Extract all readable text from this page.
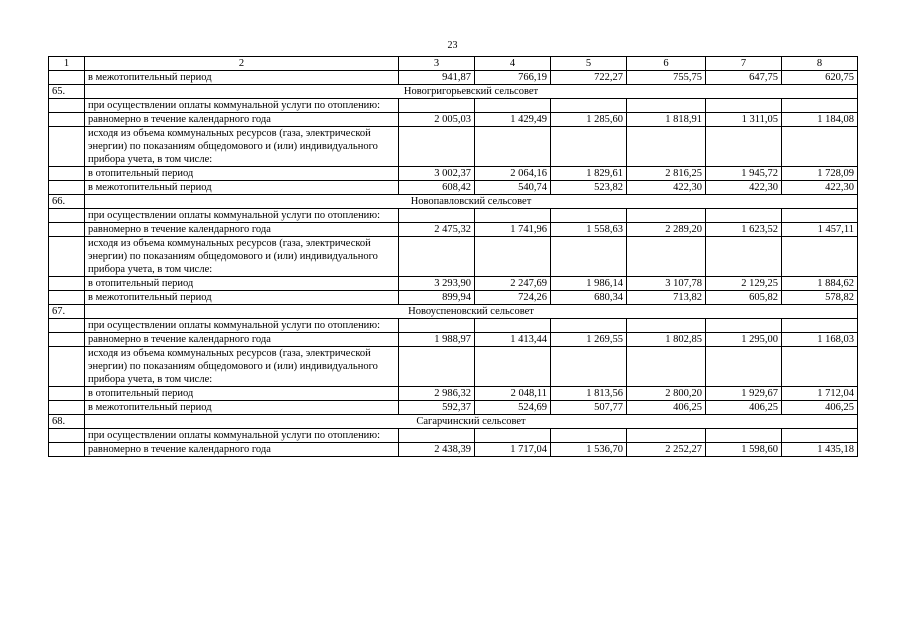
23
1	2	3	4	5	6	7	8
	в межотопительный период	941,87	766,19	722,27	755,75	647,75	620,75
65.	Новогригорьевский сельсовет						
	при осуществлении оплаты коммунальной услуги по отоплению:						
	равномерно в течение календарного года	2 005,03	1 429,49	1 285,60	1 818,91	1 311,05	1 184,08
	исходя из объема коммунальных ресурсов (газа, электрической энергии) по показаниям общедомового и (или) индивидуального прибора учета, в том числе:						
	в отопительный период	3 002,37	2 064,16	1 829,61	2 816,25	1 945,72	1 728,09
	в межотопительный период	608,42	540,74	523,82	422,30	422,30	422,30
66.	Новопавловский сельсовет						
	при осуществлении оплаты коммунальной услуги по отоплению:						
	равномерно в течение календарного года	2 475,32	1 741,96	1 558,63	2 289,20	1 623,52	1 457,11
	исходя из объема коммунальных ресурсов (газа, электрической энергии) по показаниям общедомового и (или) индивидуального прибора учета, в том числе:						
	в отопительный период	3 293,90	2 247,69	1 986,14	3 107,78	2 129,25	1 884,62
	в межотопительный период	899,94	724,26	680,34	713,82	605,82	578,82
67.	Новоуспеновский сельсовет						
	при осуществлении оплаты коммунальной услуги по отоплению:						
	равномерно в течение календарного года	1 988,97	1 413,44	1 269,55	1 802,85	1 295,00	1 168,03
	исходя из объема коммунальных ресурсов (газа, электрической энергии) по показаниям общедомового и (или) индивидуального прибора учета, в том числе:						
	в отопительный период	2 986,32	2 048,11	1 813,56	2 800,20	1 929,67	1 712,04
	в межотопительный период	592,37	524,69	507,77	406,25	406,25	406,25
68.	Сагарчинский сельсовет						
	при осуществлении оплаты коммунальной услуги по отоплению:						
	равномерно в течение календарного года	2 438,39	1 717,04	1 536,70	2 252,27	1 598,60	1 435,18
